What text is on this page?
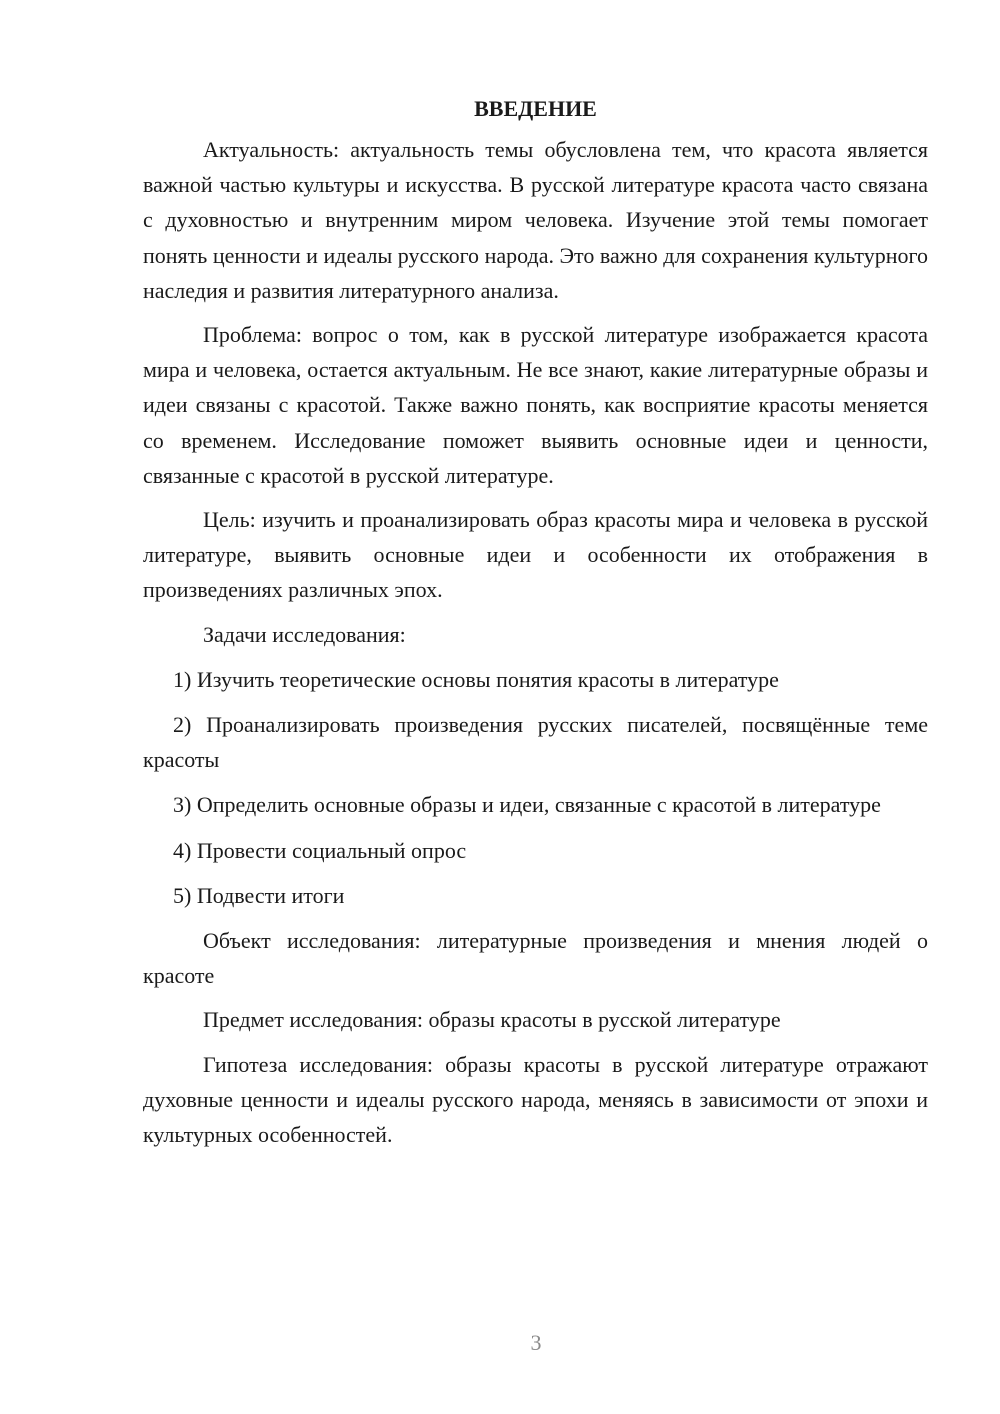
ВВЕДЕНИЕ

Актуальность: актуальность темы обусловлена тем, что красота является важной частью культуры и искусства. В русской литературе красота часто связана с духовностью и внутренним миром человека. Изучение этой темы помогает понять ценности и идеалы русского народа. Это важно для сохранения культурного наследия и развития литературного анализа.

Проблема: вопрос о том, как в русской литературе изображается красота мира и человека, остается актуальным. Не все знают, какие литературные образы и идеи связаны с красотой. Также важно понять, как восприятие красоты меняется со временем. Исследование поможет выявить основные идеи и ценности, связанные с красотой в русской литературе.

Цель: изучить и проанализировать образ красоты мира и человека в русской литературе, выявить основные идеи и особенности их отображения в произведениях различных эпох.

Задачи исследования:

1) Изучить теоретические основы понятия красоты в литературе

2) Проанализировать произведения русских писателей, посвящённые теме красоты

3) Определить основные образы и идеи, связанные с красотой в литературе

4) Провести социальный опрос

5) Подвести итоги

Объект исследования: литературные произведения и мнения людей о красоте

Предмет исследования: образы красоты в русской литературе

Гипотеза исследования: образы красоты в русской литературе отражают духовные ценности и идеалы русского народа, меняясь в зависимости от эпохи и культурных особенностей.

3
